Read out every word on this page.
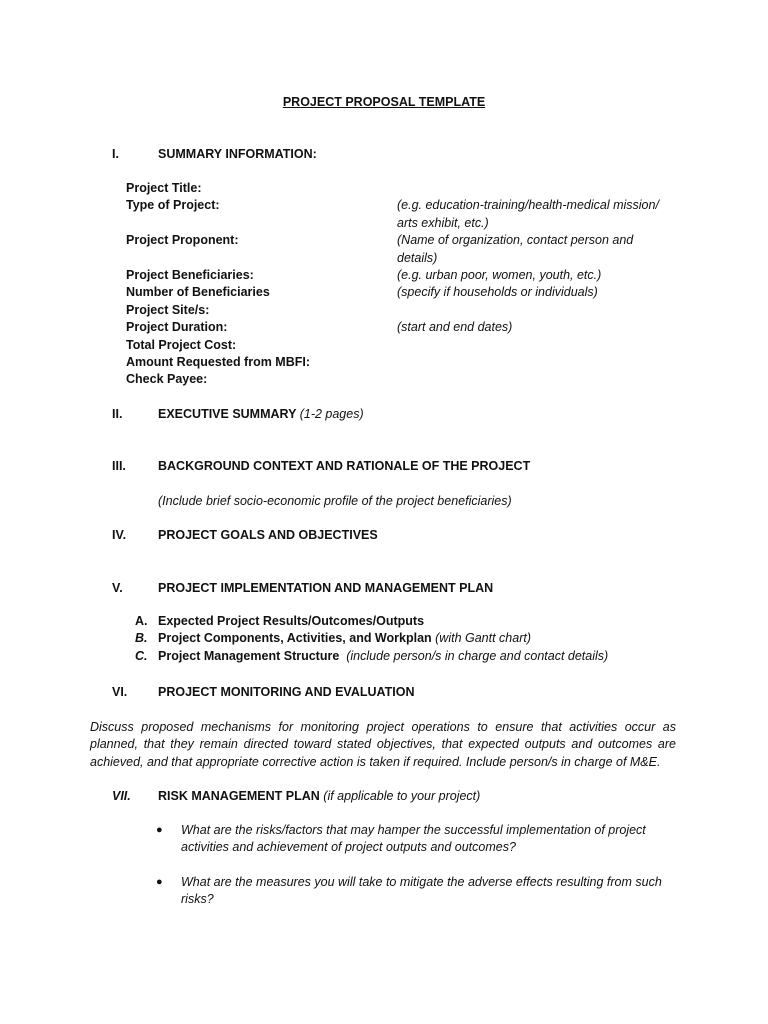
PROJECT PROPOSAL TEMPLATE
I.	SUMMARY INFORMATION:
Project Title:
Type of Project:	(e.g. education-training/health-medical mission/
arts exhibit, etc.)
Project Proponent:	(Name of organization, contact person and
details)
Project Beneficiaries:	(e.g. urban poor, women, youth, etc.)
Number of Beneficiaries	(specify if households or individuals)
Project Site/s:
Project Duration:	(start and end dates)
Total Project Cost:
Amount Requested from MBFI:
Check Payee:
II.	EXECUTIVE SUMMARY (1-2 pages)
III.	BACKGROUND CONTEXT AND RATIONALE OF THE PROJECT
(Include brief socio-economic profile of the project beneficiaries)
IV.	PROJECT GOALS AND OBJECTIVES
V.	PROJECT IMPLEMENTATION AND MANAGEMENT PLAN
A. Expected Project Results/Outcomes/Outputs
B. Project Components, Activities, and Workplan (with Gantt chart)
C. Project Management Structure  (include person/s in charge and contact details)
VI. PROJECT MONITORING AND EVALUATION
Discuss proposed mechanisms for monitoring project operations to ensure that activities occur as planned, that they remain directed toward stated objectives, that expected outputs and outcomes are achieved, and that appropriate corrective action is taken if required. Include person/s in charge of M&E.
VII. RISK MANAGEMENT PLAN (if applicable to your project)
● What are the risks/factors that may hamper the successful implementation of project activities and achievement of project outputs and outcomes?
● What are the measures you will take to mitigate the adverse effects resulting from such risks?
